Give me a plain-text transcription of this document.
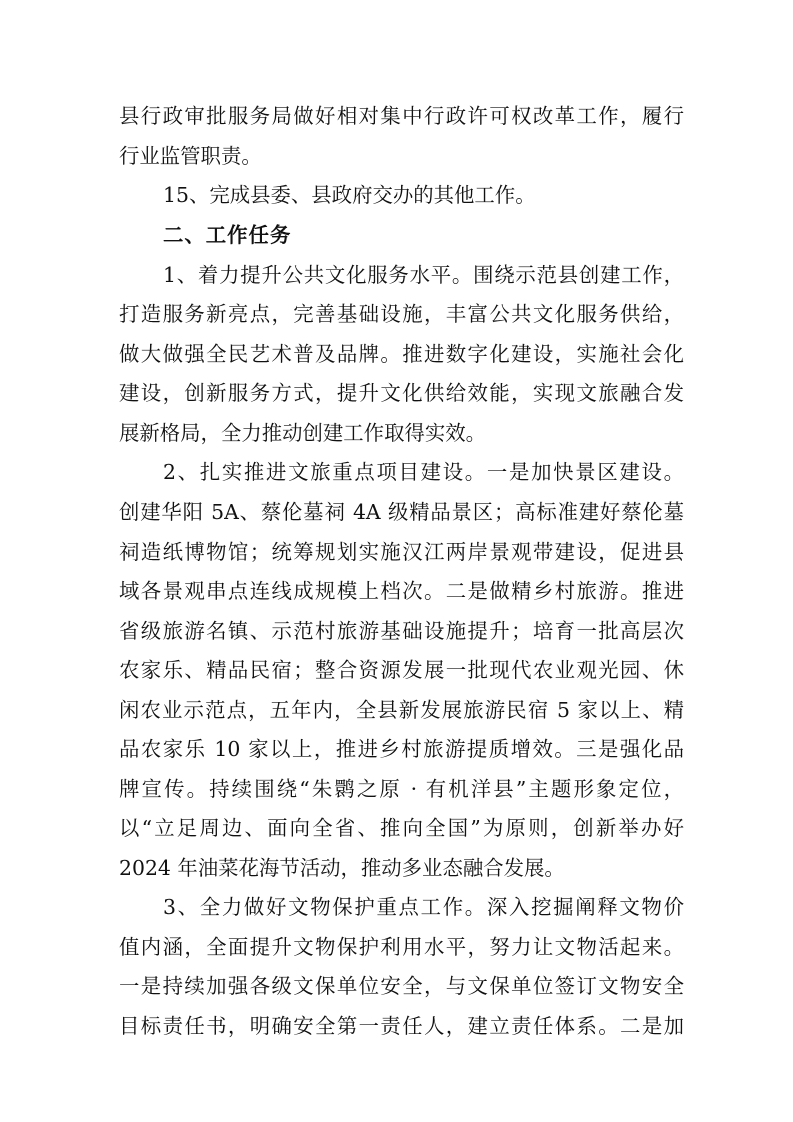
县行政审批服务局做好相对集中行政许可权改革工作，履行
行业监管职责。
15、完成县委、县政府交办的其他工作。
二、工作任务
1、着力提升公共文化服务水平。围绕示范县创建工作，
打造服务新亮点，完善基础设施，丰富公共文化服务供给，
做大做强全民艺术普及品牌。推进数字化建设，实施社会化
建设，创新服务方式，提升文化供给效能，实现文旅融合发
展新格局，全力推动创建工作取得实效。
2、扎实推进文旅重点项目建设。一是加快景区建设。
创建华阳 5A、蔡伦墓祠 4A 级精品景区；高标准建好蔡伦墓
祠造纸博物馆；统筹规划实施汉江两岸景观带建设，促进县
域各景观串点连线成规模上档次。二是做精乡村旅游。推进
省级旅游名镇、示范村旅游基础设施提升；培育一批高层次
农家乐、精品民宿；整合资源发展一批现代农业观光园、休
闲农业示范点，五年内，全县新发展旅游民宿 5 家以上、精
品农家乐 10 家以上，推进乡村旅游提质增效。三是强化品
牌宣传。持续围绕“朱鹮之原 · 有机洋县”主题形象定位，
以“立足周边、面向全省、推向全国”为原则，创新举办好
2024 年油菜花海节活动，推动多业态融合发展。
3、全力做好文物保护重点工作。深入挖掘阐释文物价
值内涵，全面提升文物保护利用水平，努力让文物活起来。
一是持续加强各级文保单位安全，与文保单位签订文物安全
目标责任书，明确安全第一责任人，建立责任体系。二是加
